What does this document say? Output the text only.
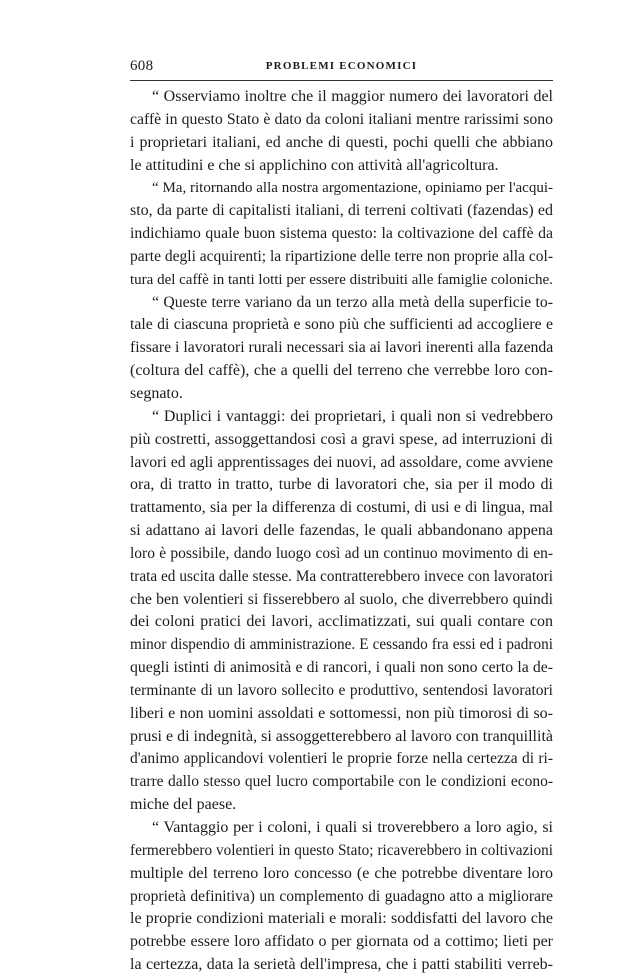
608	PROBLEMI ECONOMICI
“ Osserviamo inoltre che il maggior numero dei lavoratori del
caffè in questo Stato è dato da coloni italiani mentre rarissimi sono
i proprietari italiani, ed anche di questi, pochi quelli che abbiano
le attitudini e che si applichino con attività all'agricoltura.
“ Ma, ritornando alla nostra argomentazione, opiniamo per l'acqui-
sto, da parte di capitalisti italiani, di terreni coltivati (fazendas) ed
indichiamo quale buon sistema questo: la coltivazione del caffè da
parte degli acquirenti; la ripartizione delle terre non proprie alla col-
tura del caffè in tanti lotti per essere distribuiti alle famiglie coloniche.
“ Queste terre variano da un terzo alla metà della superficie to-
tale di ciascuna proprietà e sono più che sufficienti ad accogliere e
fissare i lavoratori rurali necessari sia ai lavori inerenti alla fazenda
(coltura del caffè), che a quelli del terreno che verrebbe loro con-
segnato.
“ Duplici i vantaggi: dei proprietari, i quali non si vedrebbero
più costretti, assoggettandosi così a gravi spese, ad interruzioni di
lavori ed agli apprentissages dei nuovi, ad assoldare, come avviene
ora, di tratto in tratto, turbe di lavoratori che, sia per il modo di
trattamento, sia per la differenza di costumi, di usi e di lingua, mal
si adattano ai lavori delle fazendas, le quali abbandonano appena
loro è possibile, dando luogo così ad un continuo movimento di en-
trata ed uscita dalle stesse. Ma contratterebbero invece con lavoratori
che ben volentieri si fisserebbero al suolo, che diverrebbero quindi
dei coloni pratici dei lavori, acclimatizzati, sui quali contare con
minor dispendio di amministrazione. E cessando fra essi ed i padroni
quegli istinti di animosità e di rancori, i quali non sono certo la de-
terminante di un lavoro sollecito e produttivo, sentendosi lavoratori
liberi e non uomini assoldati e sottomessi, non più timorosi di so-
prusi e di indegnità, si assoggetterebbero al lavoro con tranquillità
d'animo applicandovi volentieri le proprie forze nella certezza di ri-
trarre dallo stesso quel lucro comportabile con le condizioni econo-
miche del paese.
“ Vantaggio per i coloni, i quali si troverebbero a loro agio, si
fermerebbero volentieri in questo Stato; ricaverebbero in coltivazioni
multiple del terreno loro concesso (e che potrebbe diventare loro
proprietà definitiva) un complemento di guadagno atto a migliorare
le proprie condizioni materiali e morali: soddisfatti del lavoro che
potrebbe essere loro affidato o per giornata od a cottimo; lieti per
la certezza, data la serietà dell'impresa, che i patti stabiliti verreb-
